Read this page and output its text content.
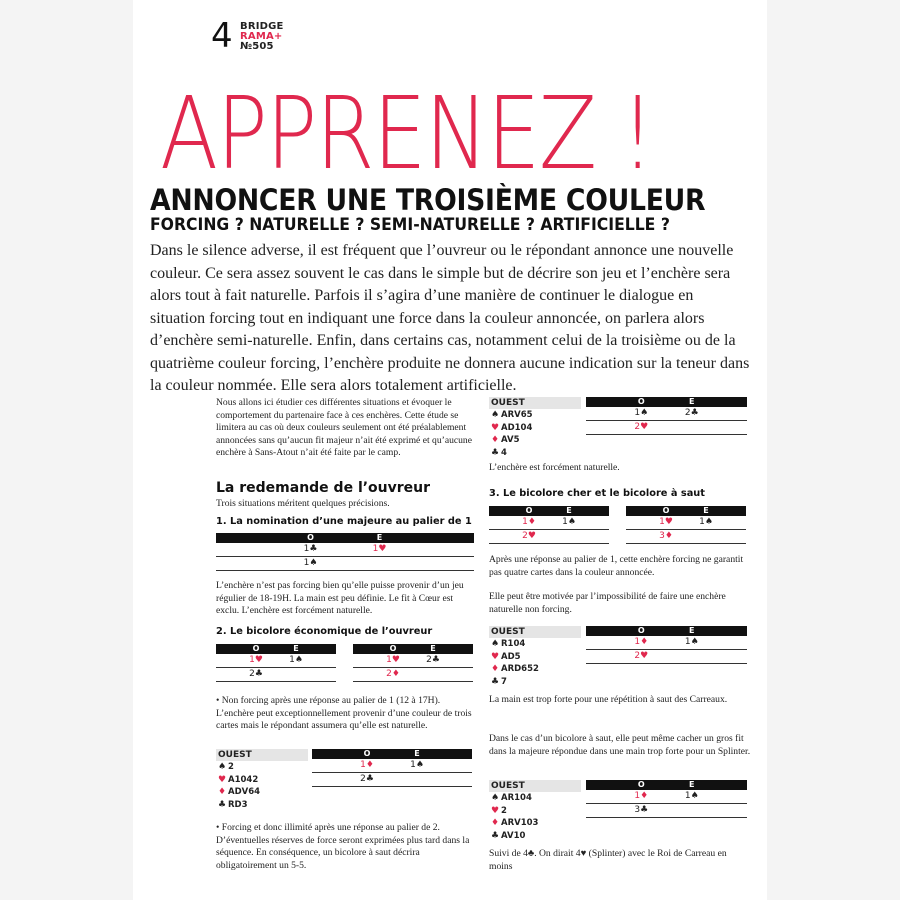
4 BRIDGE
RAMA+
№505
APPRENEZ !
ANNONCER UNE TROISIÈME COULEUR
FORCING ? NATURELLE ? SEMI-NATURELLE ? ARTIFICIELLE ?
Dans le silence adverse, il est fréquent que l’ouvreur ou le répondant annonce une nouvelle couleur. Ce sera assez souvent le cas dans le simple but de décrire son jeu et l’enchère sera alors tout à fait naturelle. Parfois il s’agira d’une manière de continuer le dialogue en situation forcing tout en indiquant une force dans la couleur annoncée, on parlera alors d’enchère semi-naturelle. Enfin, dans certains cas, notamment celui de la troisième ou de la quatrième couleur forcing, l’enchère produite ne donnera aucune indication sur la teneur dans la couleur nommée. Elle sera alors totalement artificielle.
Nous allons ici étudier ces différentes situations et évoquer le comportement du partenaire face à ces enchères. Cette étude se limitera au cas où deux couleurs seulement ont été préalablement annoncées sans qu’aucun fit majeur n’ait été exprimé et qu’aucune enchère à Sans-Atout n’ait été faite par le camp.
La redemande de l’ouvreur
Trois situations méritent quelques précisions.
1. La nomination d’une majeure au palier de 1
	O	E	
	1♣	1♥	
	1♠		
L’enchère n’est pas forcing bien qu’elle puisse provenir d’un jeu régulier de 18-19H. La main est peu définie. Le fit à Cœur est exclu. L’enchère est forcément naturelle.
2. Le bicolore économique de l’ouvreur
	O	E	
	1♥	1♠	
	2♣		
	O	E	
	1♥	2♣	
	2♦		
• Non forcing après une réponse au palier de 1 (12 à 17H). L’enchère peut exceptionnellement provenir d’une couleur de trois cartes mais le répondant assumera qu’elle est naturelle.
OUEST
♠ 2
♥ A1042
♦ ADV64
♣ RD3
	O	E	
	1♦	1♠	
	2♣		
• Forcing et donc illimité après une réponse au palier de 2. D’éventuelles réserves de force seront exprimées plus tard dans la séquence. En conséquence, un bicolore à saut décrira obligatoirement un 5-5.
OUEST
♠ ARV65
♥ AD104
♦ AV5
♣ 4
	O	E	
	1♠	2♣	
	2♥		
L’enchère est forcément naturelle.
3. Le bicolore cher et le bicolore à saut
	O	E	
	1♦	1♠	
	2♥		
	O	E	
	1♥	1♠	
	3♦		
Après une réponse au palier de 1, cette enchère forcing ne garantit pas quatre cartes dans la couleur annoncée.
Elle peut être motivée par l’impossibilité de faire une enchère naturelle non forcing.
OUEST
♠ R104
♥ AD5
♦ ARD652
♣ 7
	O	E	
	1♦	1♠	
	2♥		
La main est trop forte pour une répétition à saut des Carreaux.
Dans le cas d’un bicolore à saut, elle peut même cacher un gros fit dans la majeure répondue dans une main trop forte pour un Splinter.
OUEST
♠ AR104
♥ 2
♦ ARV103
♣ AV10
	O	E	
	1♦	1♠	
	3♣		
Suivi de 4♣. On dirait 4♥ (Splinter) avec le Roi de Carreau en moins
